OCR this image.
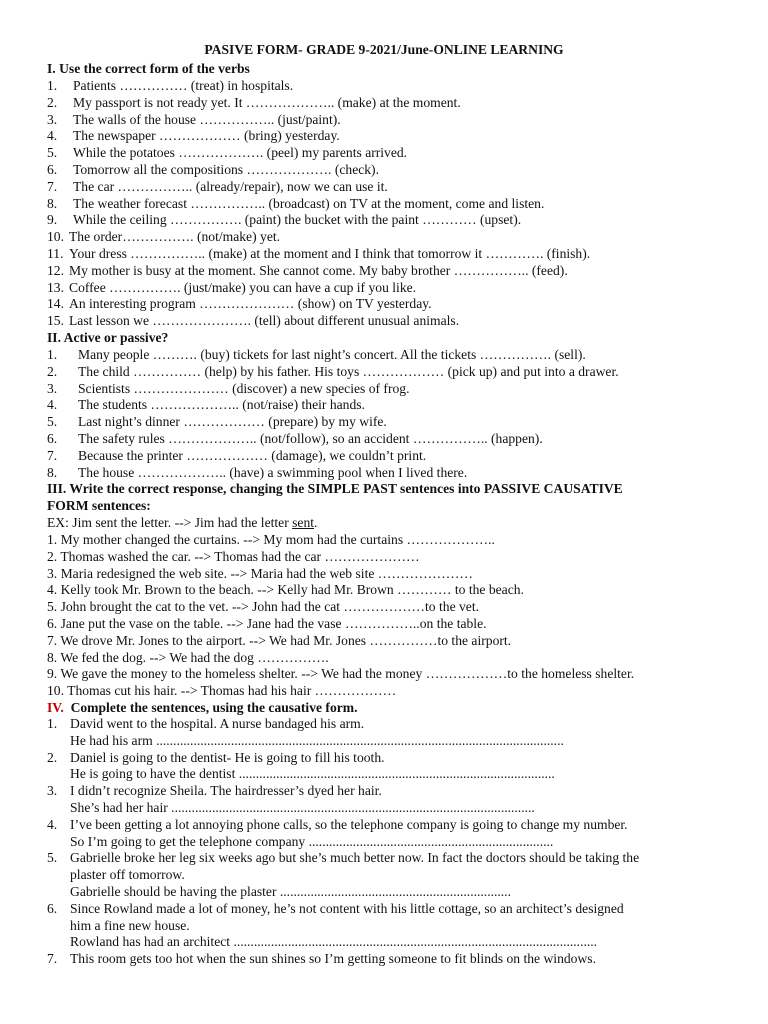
PASIVE FORM- GRADE 9-2021/June-ONLINE LEARNING
I. Use the correct form of the verbs
1. Patients …………… (treat) in hospitals.
2. My passport is not ready yet. It ……………….. (make) at the moment.
3. The walls of the house …………….. (just/paint).
4. The newspaper ……………… (bring) yesterday.
5. While the potatoes ………………. (peel) my parents arrived.
6. Tomorrow all the compositions ………………. (check).
7. The car …………….. (already/repair), now we can use it.
8. The weather forecast …………….. (broadcast) on TV at the moment, come and listen.
9. While the ceiling ……………. (paint) the bucket with the paint ………… (upset).
10. The order……………. (not/make) yet.
11. Your dress …………….. (make) at the moment and I think that tomorrow it …………. (finish).
12. My mother is busy at the moment. She cannot come. My baby brother …………….. (feed).
13. Coffee ……………. (just/make) you can have a cup if you like.
14. An interesting program ………………… (show) on TV yesterday.
15. Last lesson we …………………. (tell) about different unusual animals.
II. Active or passive?
1. Many people ………. (buy) tickets for last night’s concert. All the tickets ……………. (sell).
2. The child …………… (help) by his father. His toys ……………… (pick up) and put into a drawer.
3. Scientists ………………… (discover) a new species of frog.
4. The students ……………….. (not/raise) their hands.
5. Last night’s dinner ……………… (prepare) by my wife.
6. The safety rules ……………….. (not/follow), so an accident …………….. (happen).
7. Because the printer ……………… (damage), we couldn’t print.
8. The house ……………….. (have) a swimming pool when I lived there.
III. Write the correct response, changing the SIMPLE PAST sentences into PASSIVE CAUSATIVE
FORM sentences:
EX: Jim sent the letter. --> Jim had the letter sent.
1. My mother changed the curtains. --> My mom had the curtains ………………..
2. Thomas washed the car. --> Thomas had the car …………………
3. Maria redesigned the web site. --> Maria had the web site …………………
4. Kelly took Mr. Brown to the beach. --> Kelly had Mr. Brown ………… to the beach.
5. John brought the cat to the vet. --> John had the cat ………………to the vet.
6. Jane put the vase on the table. --> Jane had the vase ……………..on the table.
7. We drove Mr. Jones to the airport. --> We had Mr. Jones ……………to the airport.
8. We fed the dog. --> We had the dog …………….
9. We gave the money to the homeless shelter. --> We had the money ………………to the homeless shelter.
10. Thomas cut his hair. --> Thomas had his hair ………………
IV. Complete the sentences, using the causative form.
1. David went to the hospital. A nurse bandaged his arm.
He had his arm ........................................................................................................................
2. Daniel is going to the dentist- He is going to fill his tooth.
He is going to have the dentist .............................................................................................
3. I didn’t recognize Sheila. The hairdresser’s dyed her hair.
She’s had her hair ...........................................................................................................
4. I’ve been getting a lot annoying phone calls, so the telephone company is going to change my number.
So I’m going to get the telephone company ........................................................................
5. Gabrielle broke her leg six weeks ago but she’s much better now. In fact the doctors should be taking the
plaster off tomorrow.
Gabrielle should be having the plaster ....................................................................
6. Since Rowland made a lot of money, he’s not content with his little cottage, so an architect’s designed
him a fine new house.
Rowland has had an architect ...........................................................................................................
7. This room gets too hot when the sun shines so I’m getting someone to fit blinds on the windows.
